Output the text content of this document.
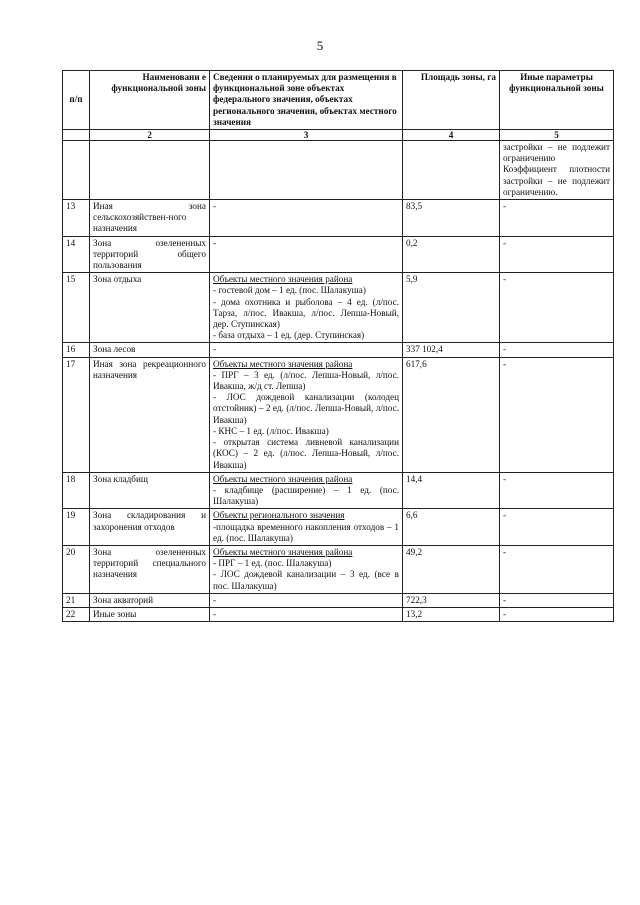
5
п/п	Наименовани е функциональной зоны	Сведения о планируемых для размещения в функциональной зоне объектах федерального значения, объектах регионального значения, объектах местного значения	Площадь зоны, га	Иные параметры функциональной зоны
	2	3	4	5
				застройки – не подлежит ограничению Коэффициент плотности застройки – не подлежит ограничению.
13	Иная зона сельскохозяйствен-ного назначения	-	83,5	-
14	Зона озелененных территорий общего пользования	-	0,2	-
15	Зона отдыха	Объекты местного значения района
- гостевой дом – 1 ед. (пос. Шалакуша)
- дома охотника и рыболова – 4 ед. (л/пос. Тарза, л/пос. Ивакша, л/пос. Лепша-Новый, дер. Ступинская)
- база отдыха – 1 ед. (дер. Ступинская)	5,9	-
16	Зона лесов	-	337 102,4	-
17	Иная зона рекреационного назначения	Объекты местного значения района
- ПРГ – 3 ед. (л/пос. Лепша-Новый, л/пос. Ивакша, ж/д ст. Лепша)
- ЛОС дождевой канализации (колодец отстойник) – 2 ед. (л/пос. Лепша-Новый, л/пос. Ивакша)
- КНС – 1 ед. (л/пос. Ивакша)
- открытая система ливневой канализации (КОС) – 2 ед. (л/пос. Лепша-Новый, л/пос. Ивакша)	617,6	-
18	Зона кладбищ	Объекты местного значения района
- кладбище (расширение) – 1 ед. (пос. Шалакуша)	14,4	-
19	Зона складирования и захоронения отходов	Объекты регионального значения
-площадка временного накопления отходов – 1 ед. (пос. Шалакуша)	6,6	-
20	Зона озелененных территорий специального назначения	Объекты местного значения района
- ПРГ – 1 ед. (пос. Шалакуша)
- ЛОС дождевой канализации – 3 ед. (все в пос. Шалакуша)	49,2	-
21	Зона акваторий	-	722,3	-
22	Иные зоны	-	13,2	-
